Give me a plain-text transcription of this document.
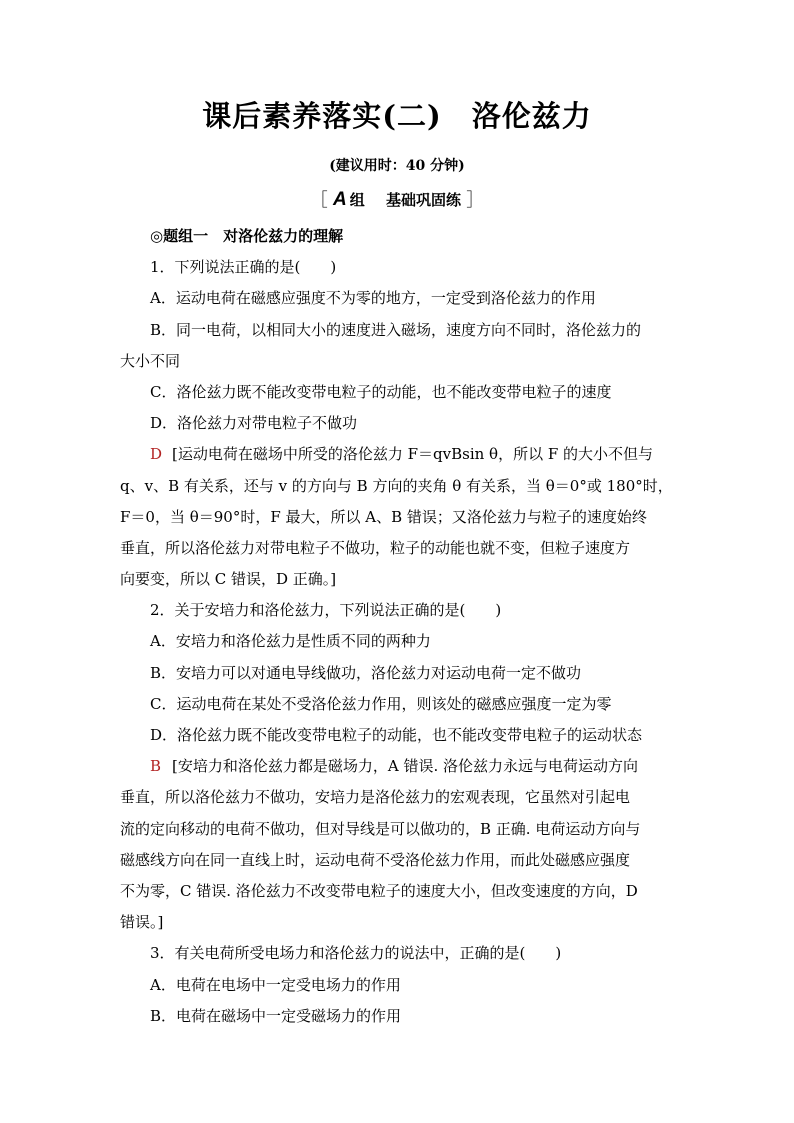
课后素养落实(二) 洛伦兹力
(建议用时：40 分钟)
［ A 组 基础巩固练 ］

◎题组一　对洛伦兹力的理解

1．下列说法正确的是(　　)

A．运动电荷在磁感应强度不为零的地方，一定受到洛伦兹力的作用

B．同一电荷，以相同大小的速度进入磁场，速度方向不同时，洛伦兹力的

大小不同

C．洛伦兹力既不能改变带电粒子的动能，也不能改变带电粒子的速度

D．洛伦兹力对带电粒子不做功

D [运动电荷在磁场中所受的洛伦兹力 F＝qvBsin θ，所以 F 的大小不但与

q、v、B 有关系，还与 v 的方向与 B 方向的夹角 θ 有关系，当 θ＝0°或 180°时，

F＝0，当 θ＝90°时，F 最大，所以 A、B 错误；又洛伦兹力与粒子的速度始终

垂直，所以洛伦兹力对带电粒子不做功，粒子的动能也就不变，但粒子速度方

向要变，所以 C 错误，D 正确。]

2．关于安培力和洛伦兹力，下列说法正确的是(　　)

A．安培力和洛伦兹力是性质不同的两种力

B．安培力可以对通电导线做功，洛伦兹力对运动电荷一定不做功

C．运动电荷在某处不受洛伦兹力作用，则该处的磁感应强度一定为零

D．洛伦兹力既不能改变带电粒子的动能，也不能改变带电粒子的运动状态

B [安培力和洛伦兹力都是磁场力，A 错误. 洛伦兹力永远与电荷运动方向

垂直，所以洛伦兹力不做功，安培力是洛伦兹力的宏观表现，它虽然对引起电

流的定向移动的电荷不做功，但对导线是可以做功的，B 正确. 电荷运动方向与

磁感线方向在同一直线上时，运动电荷不受洛伦兹力作用，而此处磁感应强度

不为零，C 错误. 洛伦兹力不改变带电粒子的速度大小，但改变速度的方向，D

错误。]

3．有关电荷所受电场力和洛伦兹力的说法中，正确的是(　　)

A．电荷在电场中一定受电场力的作用

B．电荷在磁场中一定受磁场力的作用
